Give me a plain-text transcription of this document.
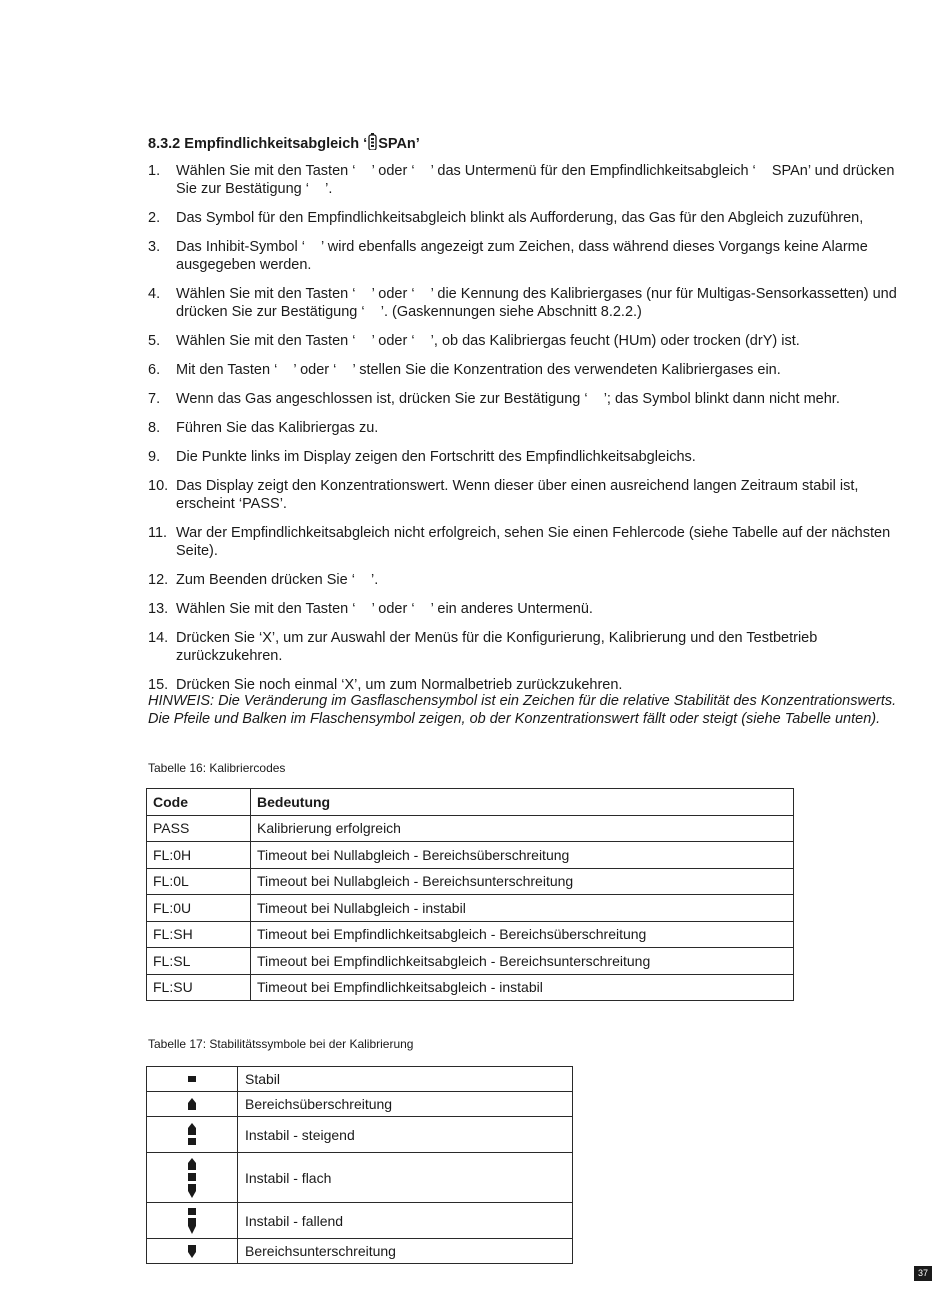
8.3.2 Empfindlichkeitsabgleich ‘ SPAn’
1. Wählen Sie mit den Tasten ‘    ’ oder ‘    ’ das Untermenü für den Empfindlichkeitsabgleich ‘    SPAn’ und drücken Sie zur Bestätigung ‘    ’.
2. Das Symbol für den Empfindlichkeitsabgleich blinkt als Aufforderung, das Gas für den Abgleich zuzuführen,
3. Das Inhibit-Symbol ‘    ’ wird ebenfalls angezeigt zum Zeichen, dass während dieses Vorgangs keine Alarme ausgegeben werden.
4. Wählen Sie mit den Tasten ‘    ’ oder ‘    ’ die Kennung des Kalibriergases (nur für Multigas-Sensorkassetten) und drücken Sie zur Bestätigung ‘    ’. (Gaskennungen siehe Abschnitt 8.2.2.)
5. Wählen Sie mit den Tasten ‘    ’ oder ‘    ’, ob das Kalibriergas feucht (HUm) oder trocken (drY) ist.
6. Mit den Tasten ‘    ’ oder ‘    ’ stellen Sie die Konzentration des verwendeten Kalibriergases ein.
7. Wenn das Gas angeschlossen ist, drücken Sie zur Bestätigung ‘    ’; das Symbol blinkt dann nicht mehr.
8. Führen Sie das Kalibriergas zu.
9. Die Punkte links im Display zeigen den Fortschritt des Empfindlichkeitsabgleichs.
10. Das Display zeigt den Konzentrationswert. Wenn dieser über einen ausreichend langen Zeitraum stabil ist, erscheint ‘PASS’.
11. War der Empfindlichkeitsabgleich nicht erfolgreich, sehen Sie einen Fehlercode (siehe Tabelle auf der nächsten Seite).
12. Zum Beenden drücken Sie ‘    ’.
13. Wählen Sie mit den Tasten ‘    ’ oder ‘    ’ ein anderes Untermenü.
14. Drücken Sie ‘X’, um zur Auswahl der Menüs für die Konfigurierung, Kalibrierung und den Testbetrieb zurückzukehren.
15. Drücken Sie noch einmal ‘X’, um zum Normalbetrieb zurückzukehren.
HINWEIS: Die Veränderung im Gasflaschensymbol ist ein Zeichen für die relative Stabilität des Konzentrationswerts. Die Pfeile und Balken im Flaschensymbol zeigen, ob der Konzentrationswert fällt oder steigt (siehe Tabelle unten).
Tabelle 16: Kalibriercodes
Code	Bedeutung
PASS	Kalibrierung erfolgreich
FL:0H	Timeout bei Nullabgleich - Bereichsüberschreitung
FL:0L	Timeout bei Nullabgleich - Bereichsunterschreitung
FL:0U	Timeout bei Nullabgleich - instabil
FL:SH	Timeout bei Empfindlichkeitsabgleich - Bereichsüberschreitung
FL:SL	Timeout bei Empfindlichkeitsabgleich - Bereichsunterschreitung
FL:SU	Timeout bei Empfindlichkeitsabgleich - instabil
Tabelle 17: Stabilitätssymbole bei der Kalibrierung
	Stabil

	Bereichsüberschreitung

	Instabil - steigend

	Instabil - flach

	Instabil - fallend

	Bereichsunterschreitung
37
